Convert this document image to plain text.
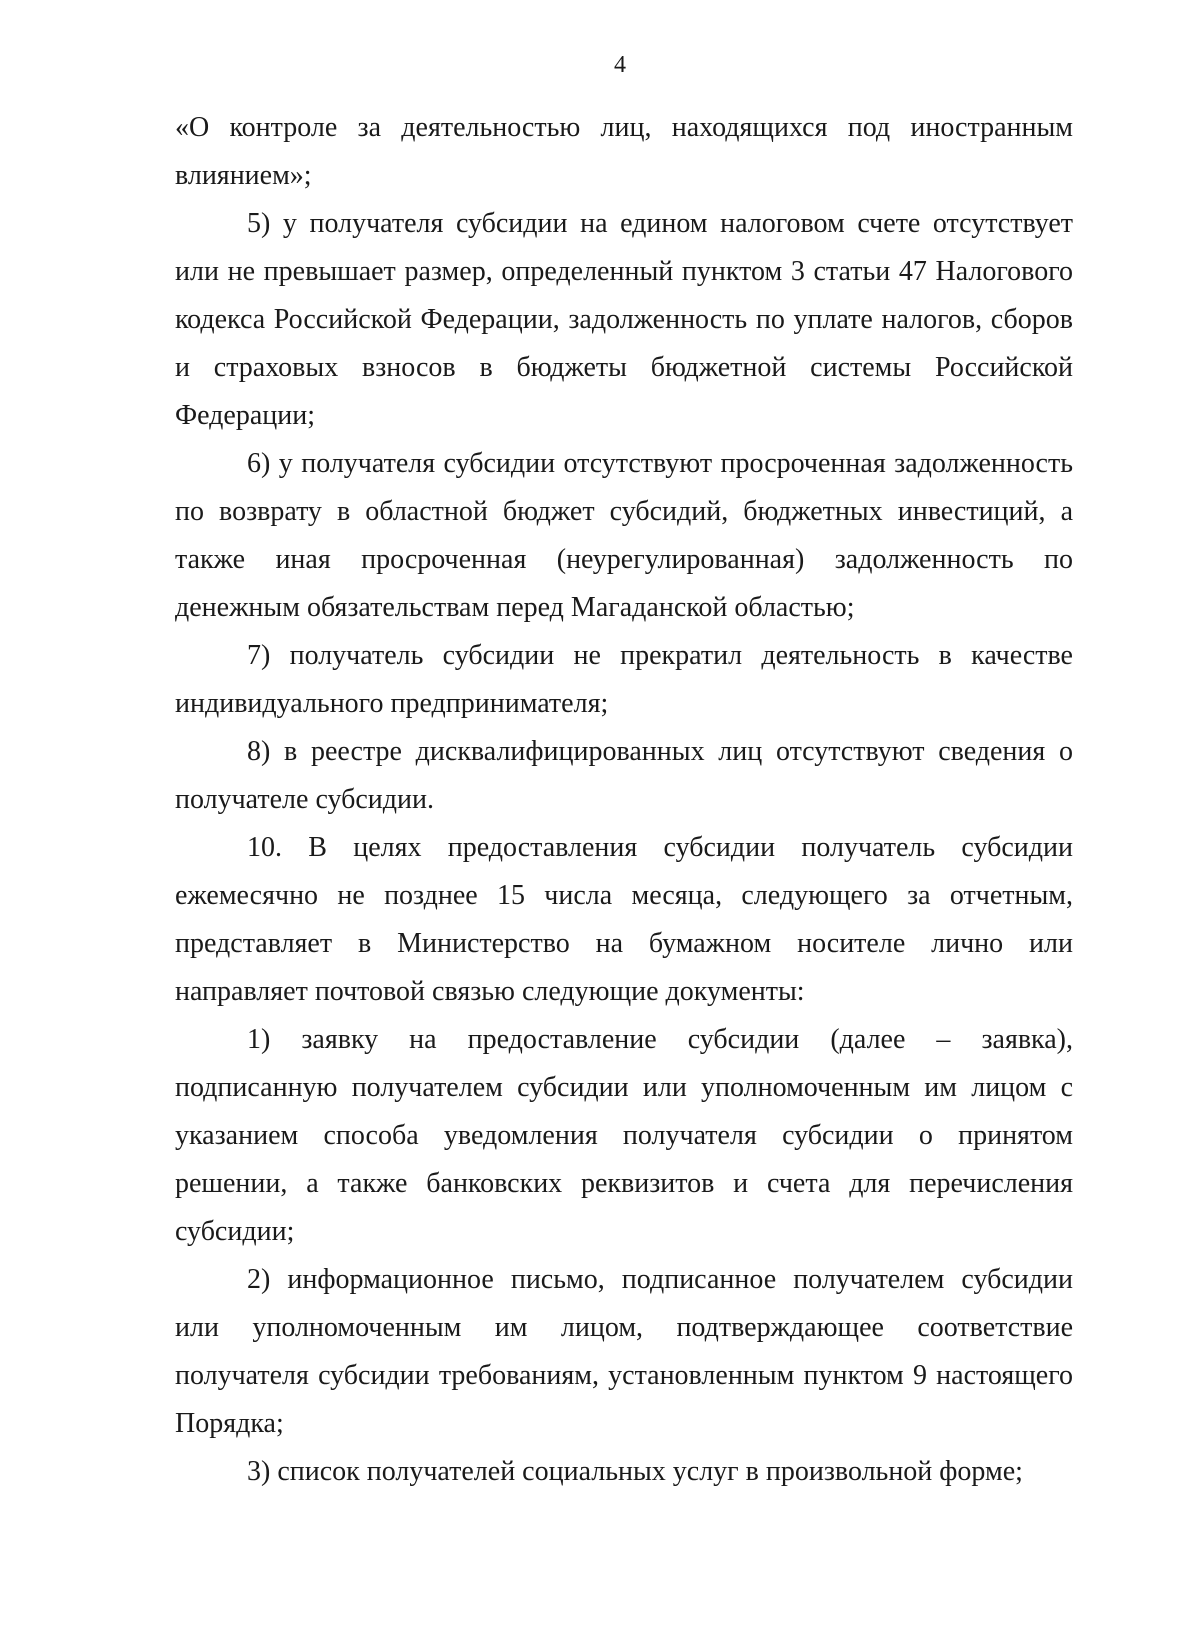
4

«О контроле за деятельностью лиц, находящихся под иностранным влиянием»;

5) у получателя субсидии на едином налоговом счете отсутствует или не превышает размер, определенный пунктом 3 статьи 47 Налогового кодекса Российской Федерации, задолженность по уплате налогов, сборов и страховых взносов в бюджеты бюджетной системы Российской Федерации;

6) у получателя субсидии отсутствуют просроченная задолженность по возврату в областной бюджет субсидий, бюджетных инвестиций, а также иная просроченная (неурегулированная) задолженность по денежным обязательствам перед Магаданской областью;

7) получатель субсидии не прекратил деятельность в качестве индивидуального предпринимателя;

8) в реестре дисквалифицированных лиц отсутствуют сведения о получателе субсидии.

10. В целях предоставления субсидии получатель субсидии ежемесячно не позднее 15 числа месяца, следующего за отчетным, представляет в Министерство на бумажном носителе лично или направляет почтовой связью следующие документы:

1) заявку на предоставление субсидии (далее – заявка), подписанную получателем субсидии или уполномоченным им лицом с указанием способа уведомления получателя субсидии о принятом решении, а также банковских реквизитов и счета для перечисления субсидии;

2) информационное письмо, подписанное получателем субсидии или уполномоченным им лицом, подтверждающее соответствие получателя субсидии требованиям, установленным пунктом 9 настоящего Порядка;

3) список получателей социальных услуг в произвольной форме;
